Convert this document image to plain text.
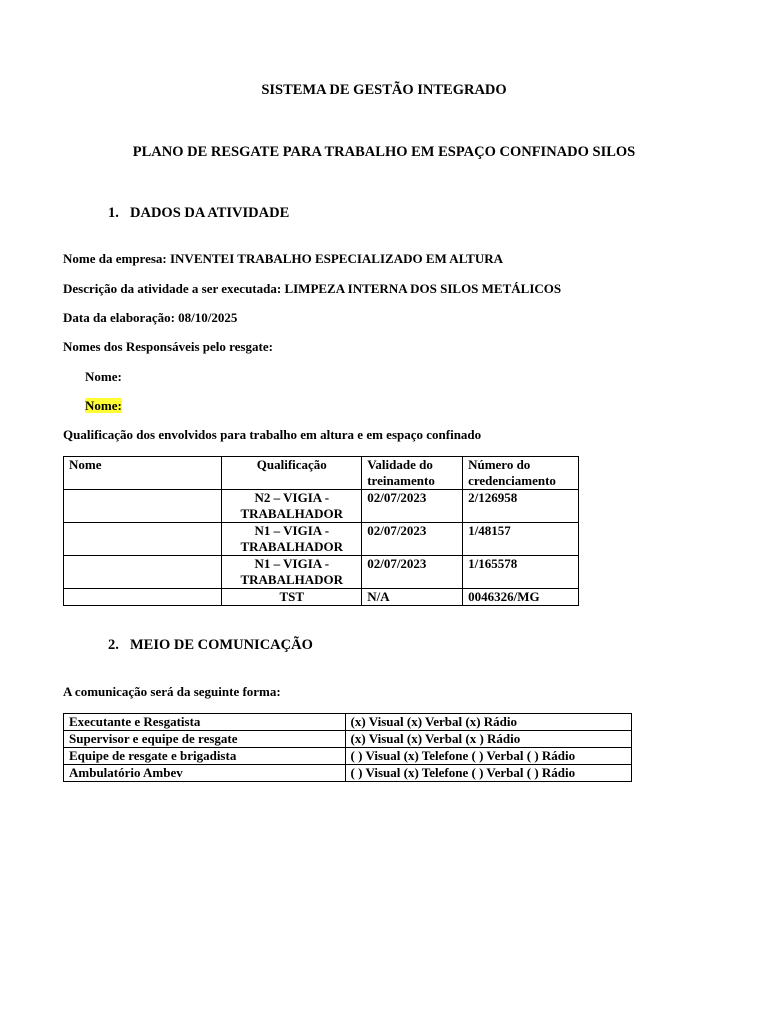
SISTEMA DE GESTÃO INTEGRADO
PLANO DE RESGATE PARA TRABALHO EM ESPAÇO CONFINADO SILOS
1. DADOS DA ATIVIDADE
Nome da empresa: INVENTEI TRABALHO ESPECIALIZADO EM ALTURA
Descrição da atividade a ser executada: LIMPEZA INTERNA DOS SILOS METÁLICOS
Data da elaboração: 08/10/2025
Nomes dos Responsáveis pelo resgate:
Nome:
Nome:
Qualificação dos envolvidos para trabalho em altura e em espaço confinado
Nome	Qualificação	Validade do treinamento	Número do credenciamento
	N2 – VIGIA - TRABALHADOR	02/07/2023	2/126958
	N1 – VIGIA - TRABALHADOR	02/07/2023	1/48157
	N1 – VIGIA - TRABALHADOR	02/07/2023	1/165578
	TST	N/A	0046326/MG
2. MEIO DE COMUNICAÇÃO
A comunicação será da seguinte forma:
Executante e Resgatista	(x) Visual (x) Verbal (x) Rádio
Supervisor e equipe de resgate	(x) Visual (x) Verbal (x ) Rádio
Equipe de resgate e brigadista	( ) Visual (x) Telefone ( ) Verbal ( ) Rádio
Ambulatório Ambev	( ) Visual (x) Telefone ( ) Verbal ( ) Rádio
